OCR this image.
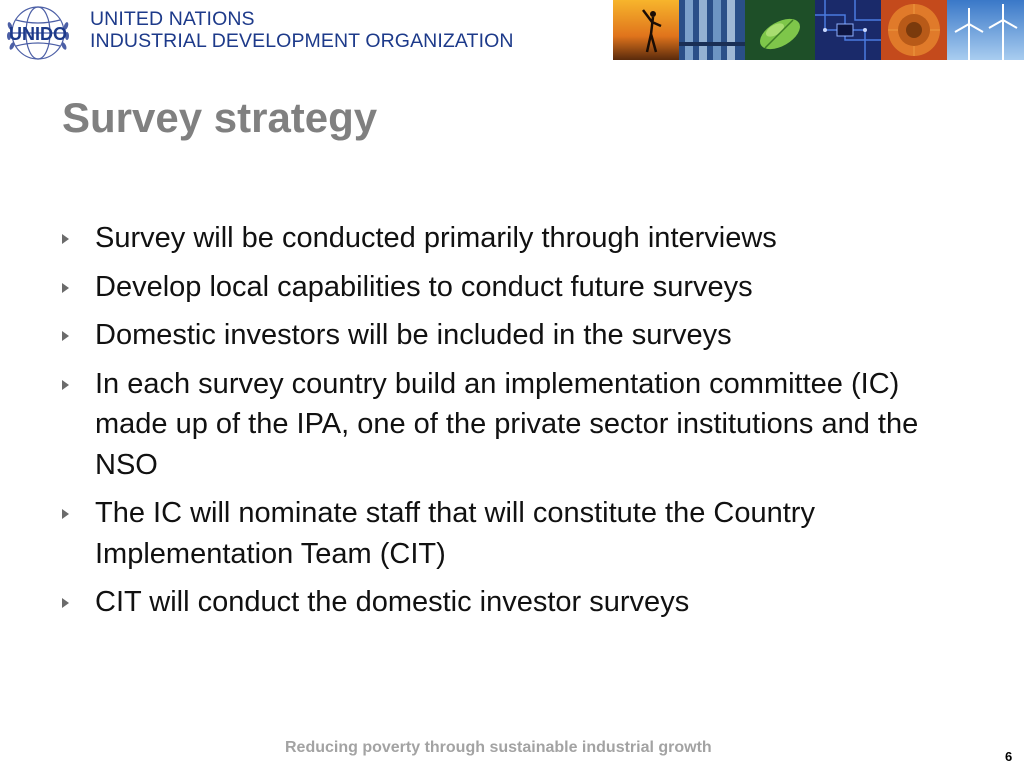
UNIDO
UNITED NATIONS
INDUSTRIAL DEVELOPMENT ORGANIZATION
Survey strategy
Survey will be conducted primarily through interviews
Develop local capabilities to conduct future surveys
Domestic investors will be included in the surveys
In each survey country build an implementation committee (IC) made up of the IPA, one of the private sector institutions and the NSO
The IC will nominate staff that will constitute the Country Implementation Team (CIT)
CIT will conduct the domestic investor surveys
Reducing poverty through sustainable industrial growth
6
